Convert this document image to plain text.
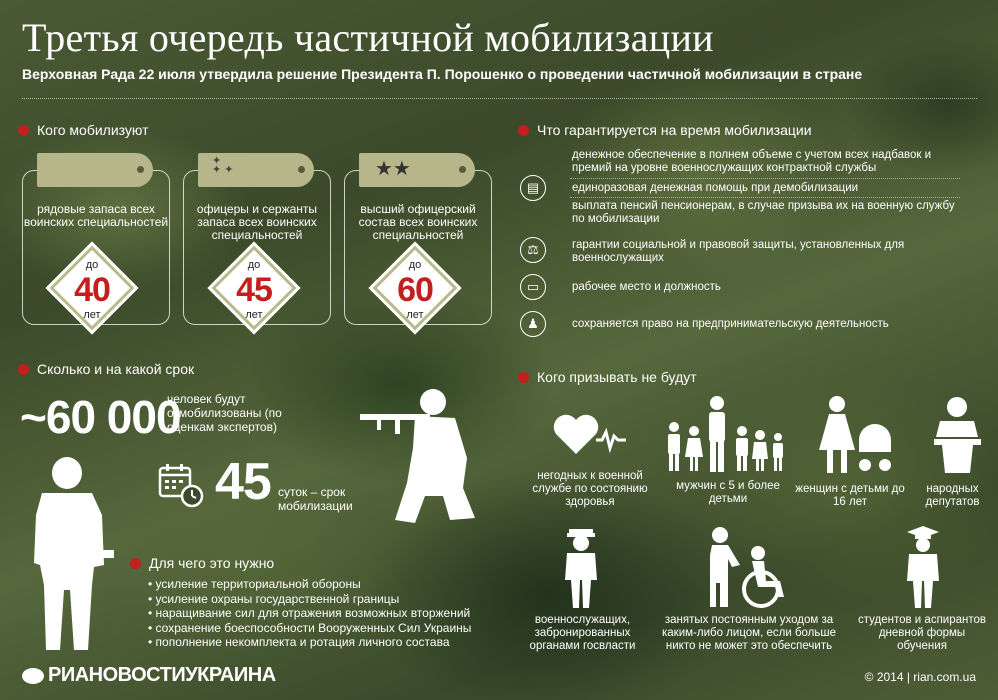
Третья очередь частичной мобилизации
Верховная Рада 22 июля утвердила решение Президента П. Порошенко о проведении частичной мобилизации в стране
Кого мобилизуют
рядовые запаса всех воинских специальностей
до
40
лет
✦
✦ ✦
офицеры и сержанты запаса всех воинских специальностей
до
45
лет
★★
высший офицерский состав всех воинских специальностей
до
60
лет
Что гарантируется на время мобилизации
денежное обеспечение в полнем объеме с учетом всех надбавок и премий на уровне военнослужащих контрактной службы
▤	единоразовая денежная помощь при демобилизации
выплата пенсий пенсионерам, в случае призыва их на военную службу по мобилизации
⚖	гарантии социальной и правовой защиты, установленных для военнослужащих
▭	рабочее место и должность
♟	сохраняется право на предпринимательскую деятельность
Сколько и на какой срок
~60 000
человек будут отмобилизованы (по оценкам экспертов)
45 суток – срок мобилизации
Для чего это нужно
• усиление территориальной обороны
• усиление охраны государственной границы
• наращивание сил для отражения возможных вторжений
• сохранение боеспособности Вооруженных Сил Украины
• пополнение некомплекта и ротация личного состава
Кого призывать не будут
негодных к военной службе по состоянию здоровья
мужчин с 5 и более детьми
женщин с детьми до 16 лет
народных депутатов
военнослужащих, забронированных органами госвласти
занятых постоянным уходом за каким-либо лицом, если больше никто не может это обеспечить
студентов и аспирантов дневной формы обучения
РИАНОВОСТИУКРАИНА	© 2014 | rian.com.ua
